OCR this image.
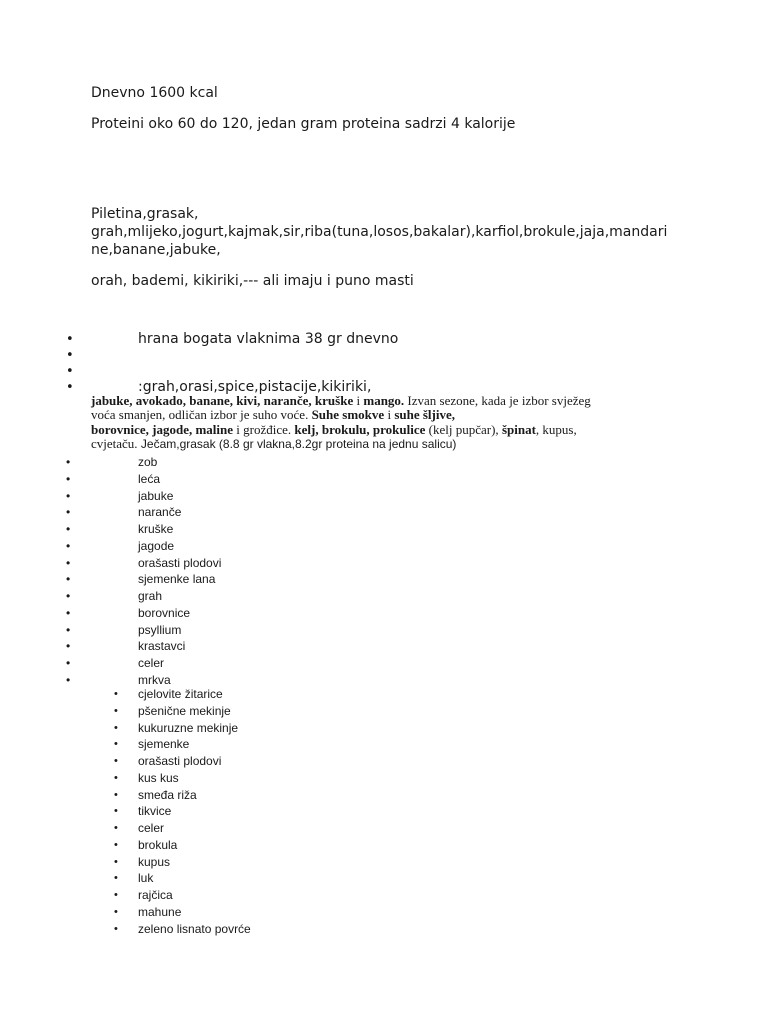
Dnevno 1600 kcal
Proteini oko 60 do 120, jedan gram proteina sadrzi 4 kalorije
Piletina,grasak,
grah,mlijeko,jogurt,kajmak,sir,riba(tuna,losos,bakalar),karfiol,brokule,jaja,mandari
ne,banane,jabuke,
orah, bademi, kikiriki,--- ali imaju i puno masti
•	hrana bogata vlaknima 38 gr dnevno
•
•
•	:grah,orasi,spice,pistacije,kikiriki,
jabuke, avokado, banane, kivi, naranče, kruške i mango. Izvan sezone, kada je izbor svježeg
voća smanjen, odličan izbor je suho voće. Suhe smokve i suhe šljive,
borovnice, jagode, maline i grožđice. kelj, brokulu, prokulice (kelj pupčar), špinat, kupus,
cvjetaču. Ječam,grasak (8.8 gr vlakna,8.2gr proteina na jednu salicu)
•	zob
•	leća
•	jabuke
•	naranče
•	kruške
•	jagode
•	orašasti plodovi
•	sjemenke lana
•	grah
•	borovnice
•	psyllium
•	krastavci
•	celer
•	mrkva
• cjelovite žitarice
• pšenične mekinje
• kukuruzne mekinje
• sjemenke
• orašasti plodovi
• kus kus
• smeđa riža
• tikvice
• celer
• brokula
• kupus
• luk
• rajčica
• mahune
• zeleno lisnato povrće
